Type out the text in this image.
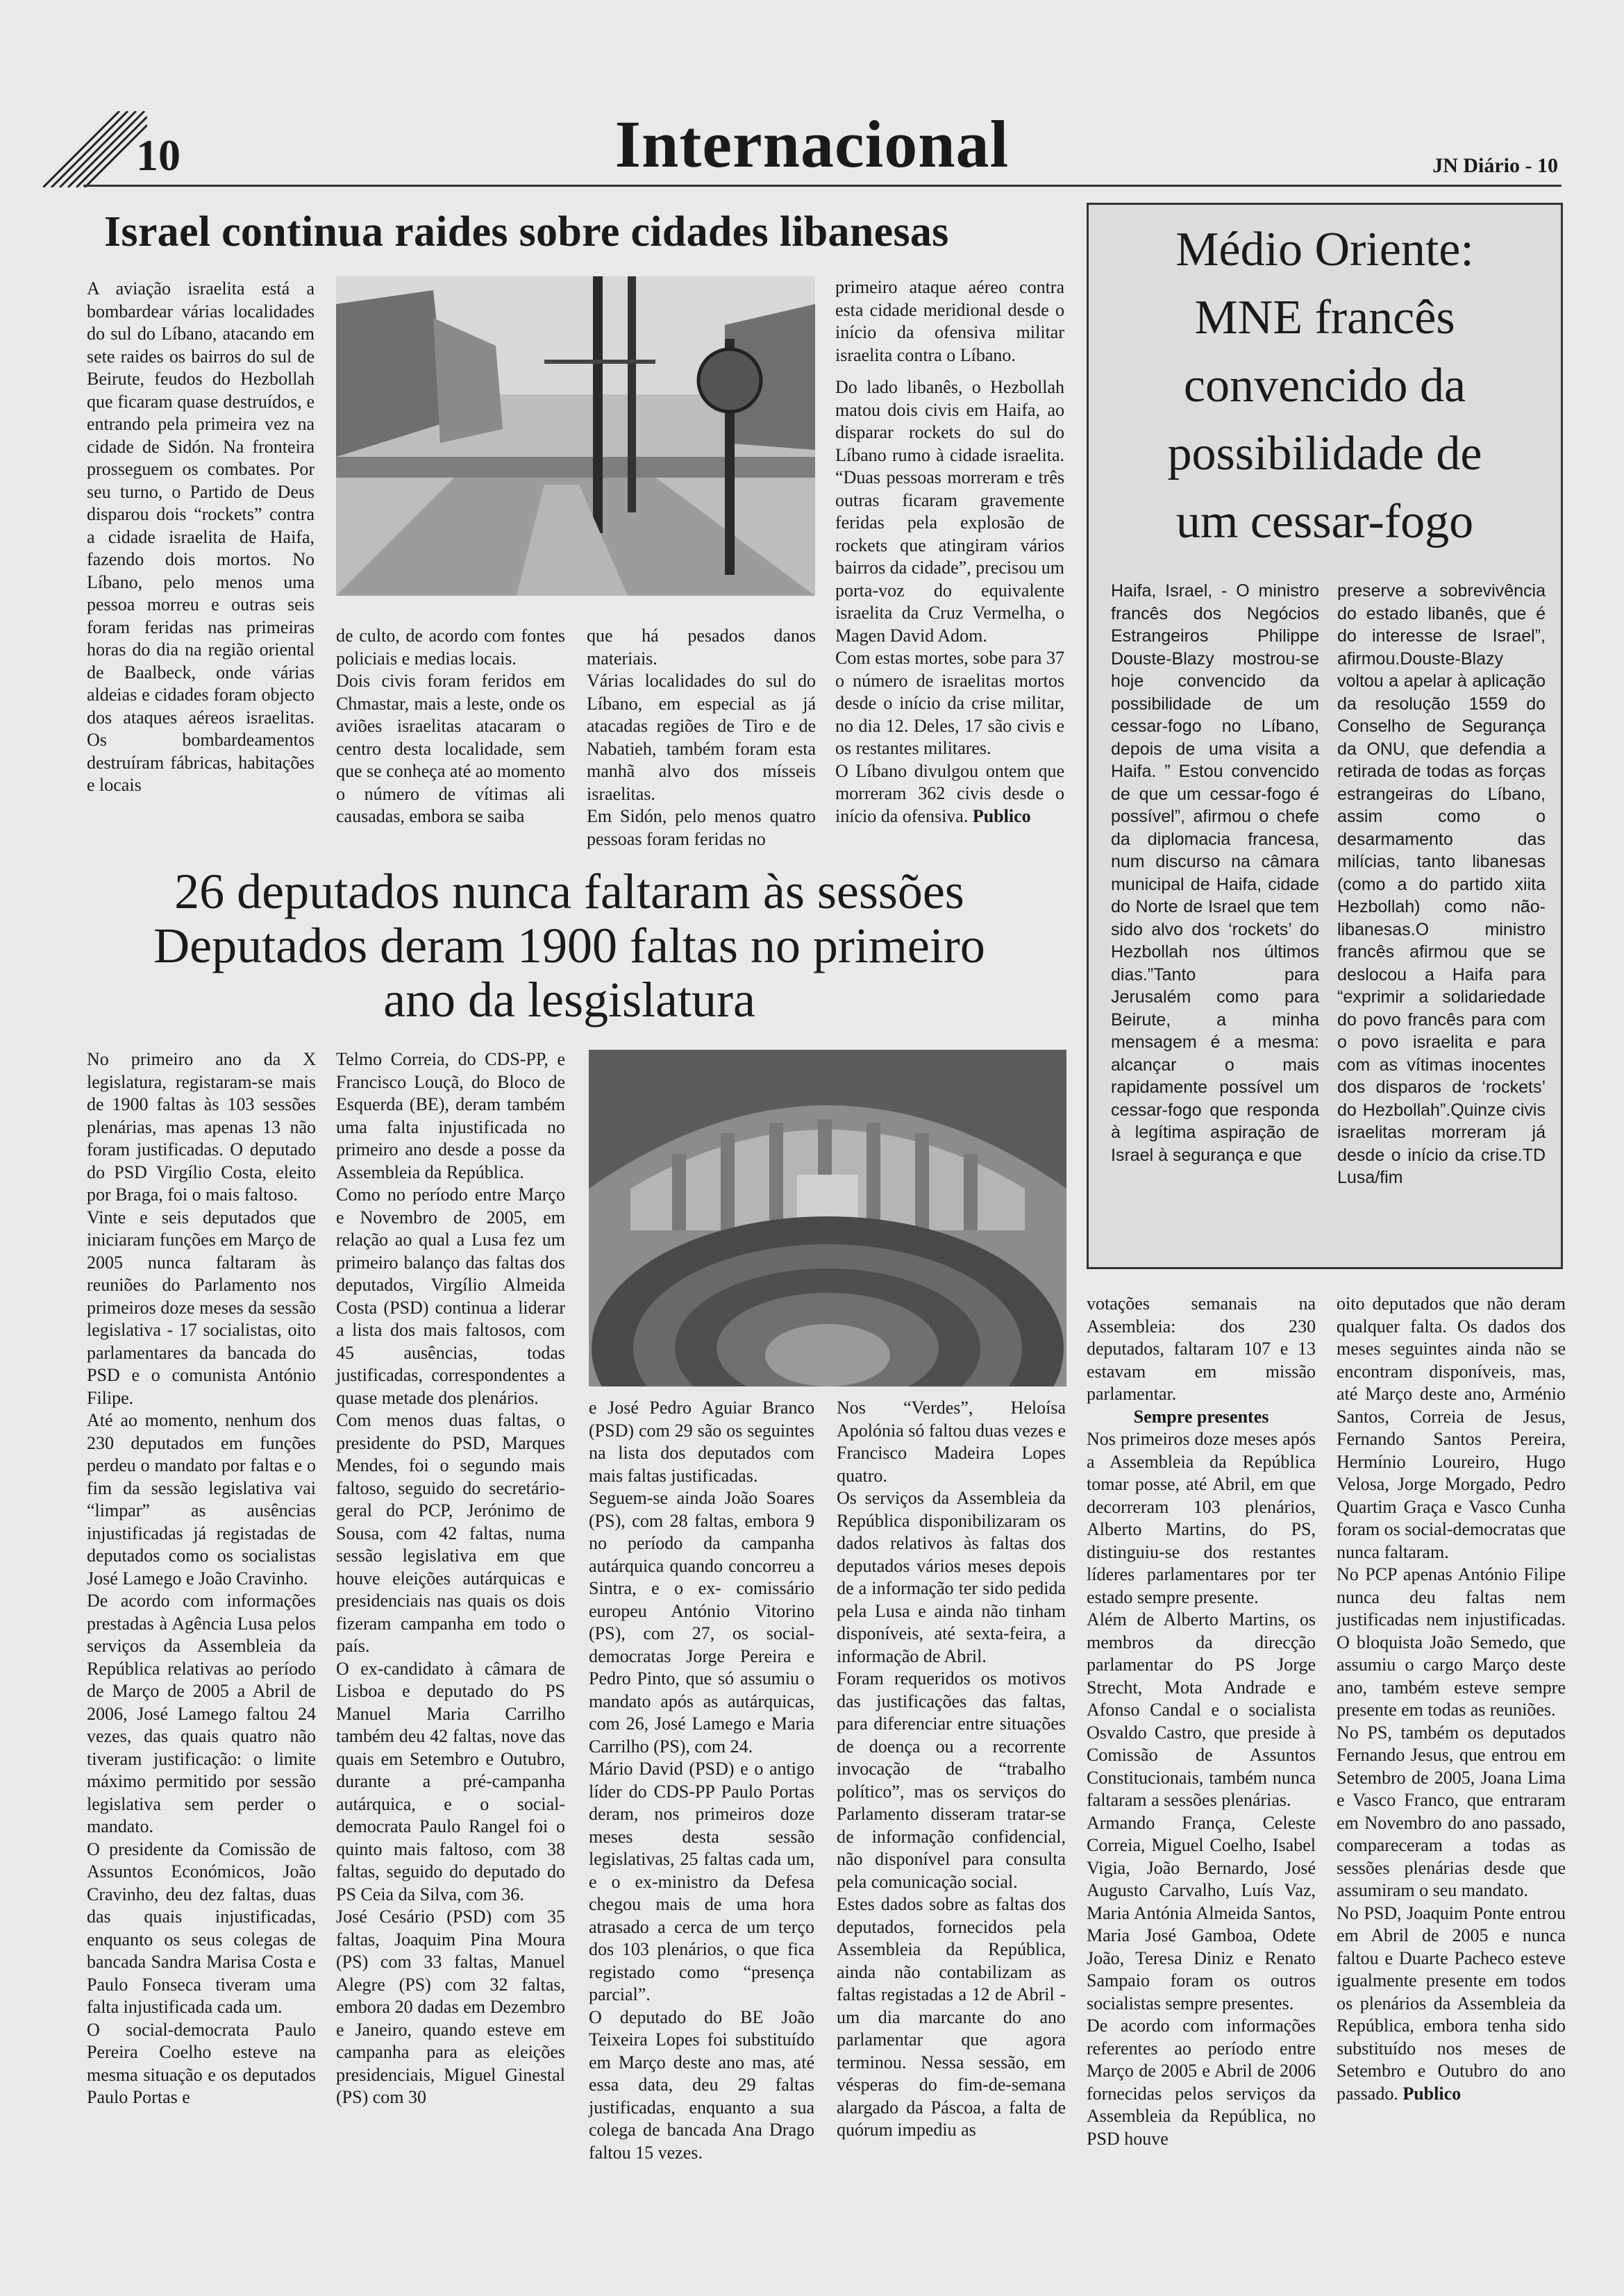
10	Internacional	JN Diário - 10
Israel continua raides sobre cidades libanesas

A aviação israelita está a bombardear várias localidades do sul do Líbano, atacando em sete raides os bairros do sul de Beirute, feudos do Hezbollah que ficaram quase destruídos, e entrando pela primeira vez na cidade de Sidón. Na fronteira prosseguem os combates. Por seu turno, o Partido de Deus disparou dois “rockets” contra a cidade israelita de Haifa, fazendo dois mortos. No Líbano, pelo menos uma pessoa morreu e outras seis foram feridas nas primeiras horas do dia na região oriental de Baalbeck, onde várias aldeias e cidades foram objecto dos ataques aéreos israelitas. Os bombardeamentos destruíram fábricas, habitações e locais

de culto, de acordo com fontes policiais e medias locais.

Dois civis foram feridos em Chmastar, mais a leste, onde os aviões israelitas atacaram o centro desta localidade, sem que se conheça até ao momento o número de vítimas ali causadas, embora se saiba

que há pesados danos materiais.

Várias localidades do sul do Líbano, em especial as já atacadas regiões de Tiro e de Nabatieh, também foram esta manhã alvo dos mísseis israelitas.

Em Sidón, pelo menos quatro pessoas foram feridas no

primeiro ataque aéreo contra esta cidade meridional desde o início da ofensiva militar israelita contra o Líbano.

Do lado libanês, o Hezbollah matou dois civis em Haifa, ao disparar rockets do sul do Líbano rumo à cidade israelita. “Duas pessoas morreram e três outras ficaram gravemente feridas pela explosão de rockets que atingiram vários bairros da cidade”, precisou um porta-voz do equivalente israelita da Cruz Vermelha, o Magen David Adom.

Com estas mortes, sobe para 37 o número de israelitas mortos desde o início da crise militar, no dia 12. Deles, 17 são civis e os restantes militares.

O Líbano divulgou ontem que morreram 362 civis desde o início da ofensiva. Publico

26 deputados nunca faltaram às sessões
Deputados deram 1900 faltas no primeiro
ano da lesgislatura
Médio Oriente:
MNE francês
convencido da
possibilidade de
um cessar-fogo

Haifa, Israel, - O ministro francês dos Negócios Estrangeiros Philippe Douste-Blazy mostrou-se hoje convencido da possibilidade de um cessar-fogo no Líbano, depois de uma visita a Haifa. ” Estou convencido de que um cessar-fogo é possível”, afirmou o chefe da diplomacia francesa, num discurso na câmara municipal de Haifa, cidade do Norte de Israel que tem sido alvo dos ‘rockets’ do Hezbollah nos últimos dias.”Tanto para Jerusalém como para Beirute, a minha mensagem é a mesma: alcançar o mais rapidamente possível um cessar-fogo que responda à legítima aspiração de Israel à segurança e que

preserve a sobrevivência do estado libanês, que é do interesse de Israel”, afirmou.Douste-Blazy voltou a apelar à aplicação da resolução 1559 do Conselho de Segurança da ONU, que defendia a retirada de todas as forças estrangeiras do Líbano, assim como o desarmamento das milícias, tanto libanesas (como a do partido xiita Hezbollah) como não-libanesas.O ministro francês afirmou que se deslocou a Haifa para “exprimir a solidariedade do povo francês para com o povo israelita e para com as vítimas inocentes dos disparos de ‘rockets’ do Hezbollah”.Quinze civis israelitas morreram já desde o início da crise.TD Lusa/fim

No primeiro ano da X legislatura, registaram-se mais de 1900 faltas às 103 sessões plenárias, mas apenas 13 não foram justificadas. O deputado do PSD Virgílio Costa, eleito por Braga, foi o mais faltoso.

Vinte e seis deputados que iniciaram funções em Março de 2005 nunca faltaram às reuniões do Parlamento nos primeiros doze meses da sessão legislativa - 17 socialistas, oito parlamentares da bancada do PSD e o comunista António Filipe.

Até ao momento, nenhum dos 230 deputados em funções perdeu o mandato por faltas e o fim da sessão legislativa vai “limpar” as ausências injustificadas já registadas de deputados como os socialistas José Lamego e João Cravinho.

De acordo com informações prestadas à Agência Lusa pelos serviços da Assembleia da República relativas ao período de Março de 2005 a Abril de 2006, José Lamego faltou 24 vezes, das quais quatro não tiveram justificação: o limite máximo permitido por sessão legislativa sem perder o mandato.

O presidente da Comissão de Assuntos Económicos, João Cravinho, deu dez faltas, duas das quais injustificadas, enquanto os seus colegas de bancada Sandra Marisa Costa e Paulo Fonseca tiveram uma falta injustificada cada um.

O social-democrata Paulo Pereira Coelho esteve na mesma situação e os deputados Paulo Portas e

Telmo Correia, do CDS-PP, e Francisco Louçã, do Bloco de Esquerda (BE), deram também uma falta injustificada no primeiro ano desde a posse da Assembleia da República.

Como no período entre Março e Novembro de 2005, em relação ao qual a Lusa fez um primeiro balanço das faltas dos deputados, Virgílio Almeida Costa (PSD) continua a liderar a lista dos mais faltosos, com 45 ausências, todas justificadas, correspondentes a quase metade dos plenários.

Com menos duas faltas, o presidente do PSD, Marques Mendes, foi o segundo mais faltoso, seguido do secretário-geral do PCP, Jerónimo de Sousa, com 42 faltas, numa sessão legislativa em que houve eleições autárquicas e presidenciais nas quais os dois fizeram campanha em todo o país.

O ex-candidato à câmara de Lisboa e deputado do PS Manuel Maria Carrilho também deu 42 faltas, nove das quais em Setembro e Outubro, durante a pré-campanha autárquica, e o social-democrata Paulo Rangel foi o quinto mais faltoso, com 38 faltas, seguido do deputado do PS Ceia da Silva, com 36.

José Cesário (PSD) com 35 faltas, Joaquim Pina Moura (PS) com 33 faltas, Manuel Alegre (PS) com 32 faltas, embora 20 dadas em Dezembro e Janeiro, quando esteve em campanha para as eleições presidenciais, Miguel Ginestal (PS) com 30

e José Pedro Aguiar Branco (PSD) com 29 são os seguintes na lista dos deputados com mais faltas justificadas.

Seguem-se ainda João Soares (PS), com 28 faltas, embora 9 no período da campanha autárquica quando concorreu a Sintra, e o ex- comissário europeu António Vitorino (PS), com 27, os social-democratas Jorge Pereira e Pedro Pinto, que só assumiu o mandato após as autárquicas, com 26, José Lamego e Maria Carrilho (PS), com 24.

Mário David (PSD) e o antigo líder do CDS-PP Paulo Portas deram, nos primeiros doze meses desta sessão legislativas, 25 faltas cada um, e o ex-ministro da Defesa chegou mais de uma hora atrasado a cerca de um terço dos 103 plenários, o que fica registado como “presença parcial”.

O deputado do BE João Teixeira Lopes foi substituído em Março deste ano mas, até essa data, deu 29 faltas justificadas, enquanto a sua colega de bancada Ana Drago faltou 15 vezes.

Nos “Verdes”, Heloísa Apolónia só faltou duas vezes e Francisco Madeira Lopes quatro.

Os serviços da Assembleia da República disponibilizaram os dados relativos às faltas dos deputados vários meses depois de a informação ter sido pedida pela Lusa e ainda não tinham disponíveis, até sexta-feira, a informação de Abril.

Foram requeridos os motivos das justificações das faltas, para diferenciar entre situações de doença ou a recorrente invocação de “trabalho político”, mas os serviços do Parlamento disseram tratar-se de informação confidencial, não disponível para consulta pela comunicação social.

Estes dados sobre as faltas dos deputados, fornecidos pela Assembleia da República, ainda não contabilizam as faltas registadas a 12 de Abril - um dia marcante do ano parlamentar que agora terminou. Nessa sessão, em vésperas do fim-de-semana alargado da Páscoa, a falta de quórum impediu as

votações semanais na Assembleia: dos 230 deputados, faltaram 107 e 13 estavam em missão parlamentar.

Sempre presentes

Nos primeiros doze meses após a Assembleia da República tomar posse, até Abril, em que decorreram 103 plenários, Alberto Martins, do PS, distinguiu-se dos restantes líderes parlamentares por ter estado sempre presente.

Além de Alberto Martins, os membros da direcção parlamentar do PS Jorge Strecht, Mota Andrade e Afonso Candal e o socialista Osvaldo Castro, que preside à Comissão de Assuntos Constitucionais, também nunca faltaram a sessões plenárias.

Armando França, Celeste Correia, Miguel Coelho, Isabel Vigia, João Bernardo, José Augusto Carvalho, Luís Vaz, Maria Antónia Almeida Santos, Maria José Gamboa, Odete João, Teresa Diniz e Renato Sampaio foram os outros socialistas sempre presentes.

De acordo com informações referentes ao período entre Março de 2005 e Abril de 2006 fornecidas pelos serviços da Assembleia da República, no PSD houve

oito deputados que não deram qualquer falta. Os dados dos meses seguintes ainda não se encontram disponíveis, mas, até Março deste ano, Arménio Santos, Correia de Jesus, Fernando Santos Pereira, Hermínio Loureiro, Hugo Velosa, Jorge Morgado, Pedro Quartim Graça e Vasco Cunha foram os social-democratas que nunca faltaram.

No PCP apenas António Filipe nunca deu faltas nem justificadas nem injustificadas. O bloquista João Semedo, que assumiu o cargo Março deste ano, também esteve sempre presente em todas as reuniões.

No PS, também os deputados Fernando Jesus, que entrou em Setembro de 2005, Joana Lima e Vasco Franco, que entraram em Novembro do ano passado, compareceram a todas as sessões plenárias desde que assumiram o seu mandato.

No PSD, Joaquim Ponte entrou em Abril de 2005 e nunca faltou e Duarte Pacheco esteve igualmente presente em todos os plenários da Assembleia da República, embora tenha sido substituído nos meses de Setembro e Outubro do ano passado. Publico
